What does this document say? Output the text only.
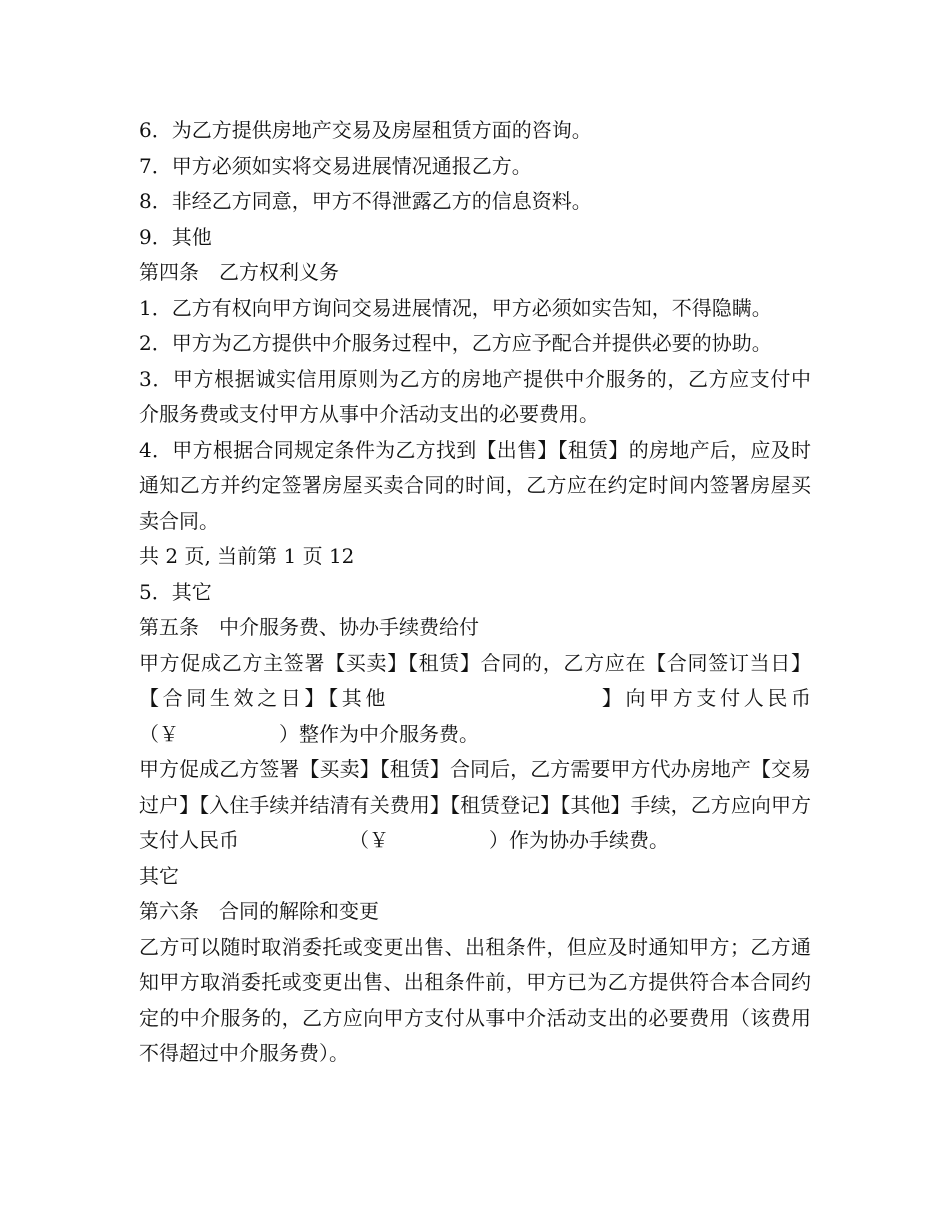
6．为乙方提供房地产交易及房屋租赁方面的咨询。
7．甲方必须如实将交易进展情况通报乙方。
8．非经乙方同意，甲方不得泄露乙方的信息资料。
9．其他
第四条　乙方权利义务
1．乙方有权向甲方询问交易进展情况，甲方必须如实告知，不得隐瞒。
2．甲方为乙方提供中介服务过程中，乙方应予配合并提供必要的协助。
3．甲方根据诚实信用原则为乙方的房地产提供中介服务的，乙方应支付中介服务费或支付甲方从事中介活动支出的必要费用。
4．甲方根据合同规定条件为乙方找到【出售】【租赁】的房地产后，应及时通知乙方并约定签署房屋买卖合同的时间，乙方应在约定时间内签署房屋买卖合同。
共 2 页, 当前第 1 页 12
5．其它
第五条　中介服务费、协办手续费给付
甲方促成乙方主签署【买卖】【租赁】合同的，乙方应在【合同签订当日】【合同生效之日】【其他　　　　　　　　　】向甲方支付人民币（￥　　　　　）整作为中介服务费。
甲方促成乙方签署【买卖】【租赁】合同后，乙方需要甲方代办房地产【交易过户】【入住手续并结清有关费用】【租赁登记】【其他】手续，乙方应向甲方支付人民币　　　　　　（￥　　　　　）作为协办手续费。
其它
第六条　合同的解除和变更
乙方可以随时取消委托或变更出售、出租条件，但应及时通知甲方；乙方通知甲方取消委托或变更出售、出租条件前，甲方已为乙方提供符合本合同约定的中介服务的，乙方应向甲方支付从事中介活动支出的必要费用（该费用不得超过中介服务费）。
